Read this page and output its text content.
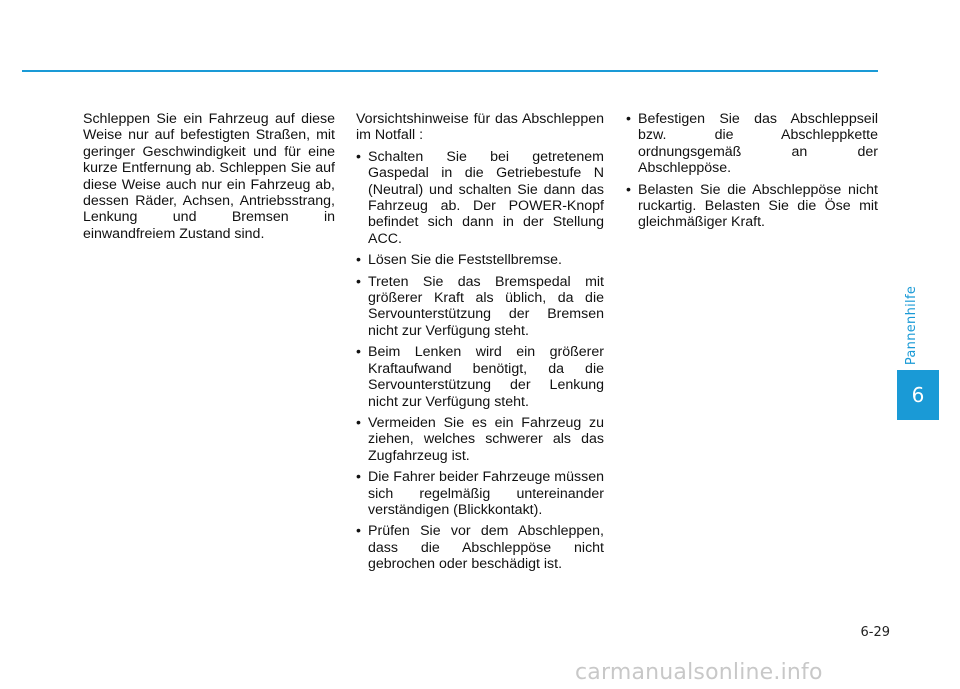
Schleppen Sie ein Fahrzeug auf diese Weise nur auf befestigten Straßen, mit geringer Geschwindigkeit und für eine kurze Entfernung ab. Schleppen Sie auf diese Weise auch nur ein Fahrzeug ab, dessen Räder, Achsen, Antriebsstrang, Lenkung und Bremsen in einwandfreiem Zustand sind.

Vorsichtshinweise für das Abschleppen im Notfall :

• Schalten Sie bei getretenem Gaspedal in die Getriebestufe N (Neutral) und schalten Sie dann das Fahrzeug ab. Der POWER-Knopf befindet sich dann in der Stellung ACC.
• Lösen Sie die Feststellbremse.
• Treten Sie das Bremspedal mit größerer Kraft als üblich, da die Servounterstützung der Bremsen nicht zur Verfügung steht.
• Beim Lenken wird ein größerer Kraftaufwand benötigt, da die Servounterstützung der Lenkung nicht zur Verfügung steht.
• Vermeiden Sie es ein Fahrzeug zu ziehen, welches schwerer als das Zugfahrzeug ist.
• Die Fahrer beider Fahrzeuge müssen sich regelmäßig untereinander verständigen (Blickkontakt).
• Prüfen Sie vor dem Abschleppen, dass die Abschleppöse nicht gebrochen oder beschädigt ist.
• Befestigen Sie das Abschleppseil bzw. die Abschleppkette ordnungsgemäß an der Abschleppöse.
• Belasten Sie die Abschleppöse nicht ruckartig. Belasten Sie die Öse mit gleichmäßiger Kraft.
Pannenhilfe
6
6-29
carmanualsonline.info
